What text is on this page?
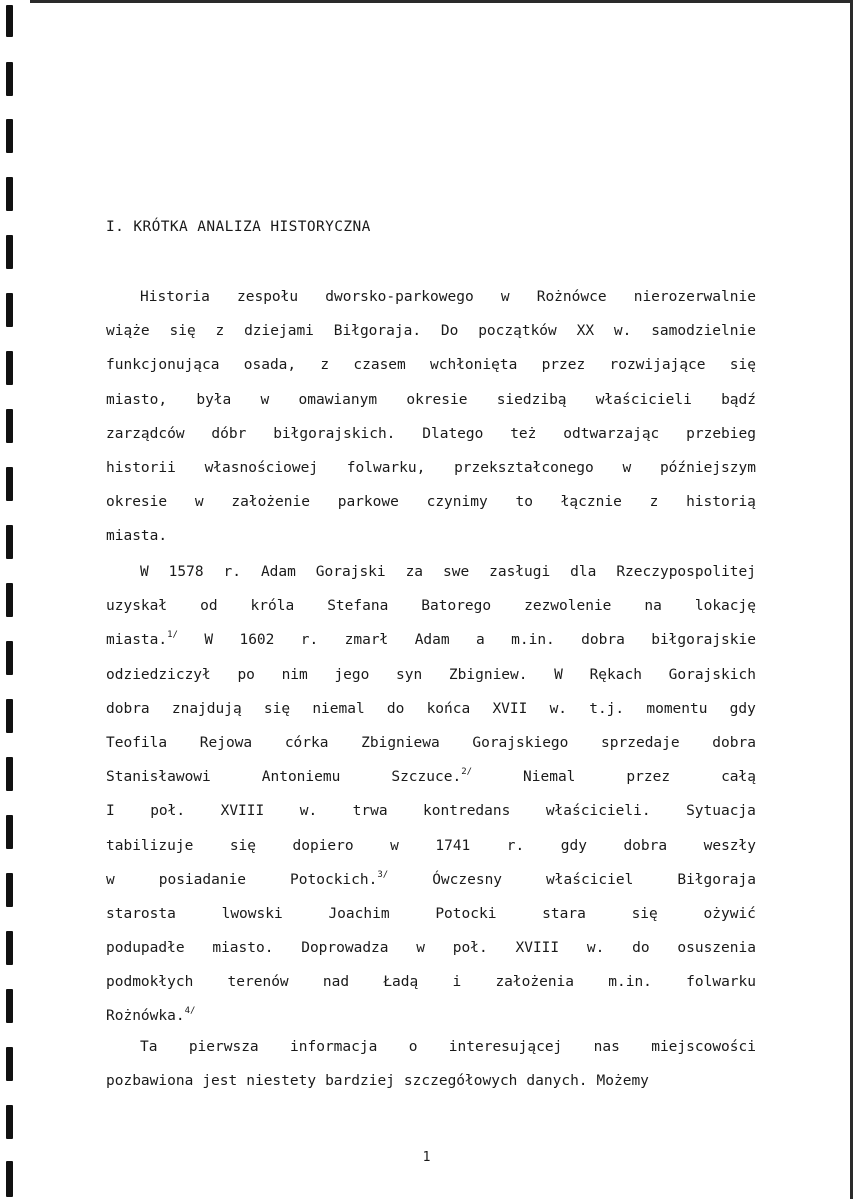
I. KRÓTKA ANALIZA HISTORYCZNA
Historia zespołu dworsko-parkowego w Rożnówce nierozerwalnie
wiąże się z dziejami Biłgoraja. Do początków XX w. samodzielnie
funkcjonująca osada, z czasem wchłonięta przez rozwijające się
miasto, była w omawianym okresie siedzibą właścicieli bądź
zarządców dóbr biłgorajskich. Dlatego też odtwarzając przebieg
historii własnościowej folwarku, przekształconego w późniejszym
okresie w założenie parkowe czynimy to łącznie z historią
miasta.
W 1578 r. Adam Gorajski za swe zasługi dla Rzeczypospolitej
uzyskał od króla Stefana Batorego zezwolenie na lokację
miasta.$^{1/}$ W 1602 r. zmarł Adam a m.in. dobra biłgorajskie
odziedziczył po nim jego syn Zbigniew. W Rękach Gorajskich
dobra znajdują się niemal do końca XVII w. t.j. momentu gdy
Teofila Rejowa córka Zbigniewa Gorajskiego sprzedaje dobra
Stanisławowi	Antoniemu	Szczuce.$^{2/}$	Niemal	przez	całą
I poł. XVIII w. trwa kontredans właścicieli. Sytuacja
tabilizuje	się	dopiero	w	1741	r.	gdy	dobra	weszły
w	posiadanie	Potockich.$^{3/}$	Ówczesny	właściciel	Biłgoraja
starosta	lwowski	Joachim	Potocki	stara	się	ożywić
podupadłe miasto. Doprowadza w poł. XVIII w. do osuszenia
podmokłych terenów nad Ładą i założenia m.in. folwarku
Rożnówka.$^{4/}$
Ta pierwsza informacja o interesującej nas miejscowości
pozbawiona jest niestety bardziej szczegółowych danych. Możemy
1
